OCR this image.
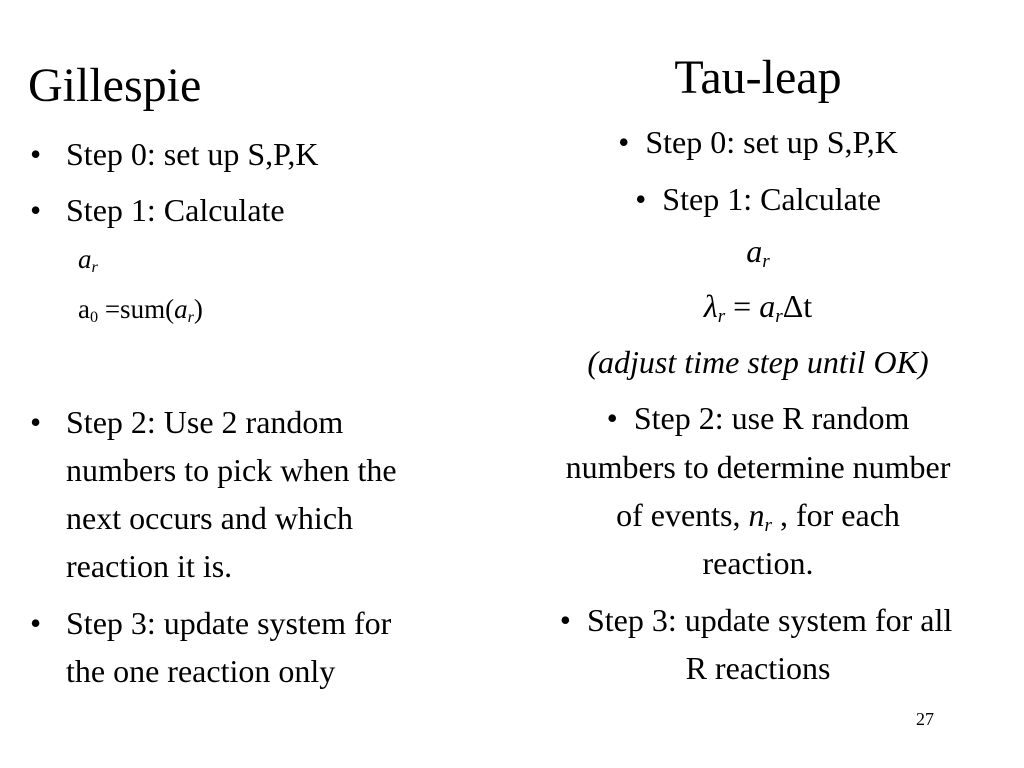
Gillespie
• Step 0: set up S,P,K
• Step 1: Calculate
$a_r$
$a_0 =sum(a_r)$
• Step 2: Use 2 random
numbers to pick when the
next occurs and which
reaction it is.
• Step 3: update system for
the one reaction only
Tau-leap
• Step 0: set up S,P,K
• Step 1: Calculate
$a_r$
$\lambda_r = a_r\Delta t$
(adjust time step until OK)
• Step 2: use R random
numbers to determine number
of events, $n_r$ , for each
reaction.
• Step 3: update system for all
R reactions
27
